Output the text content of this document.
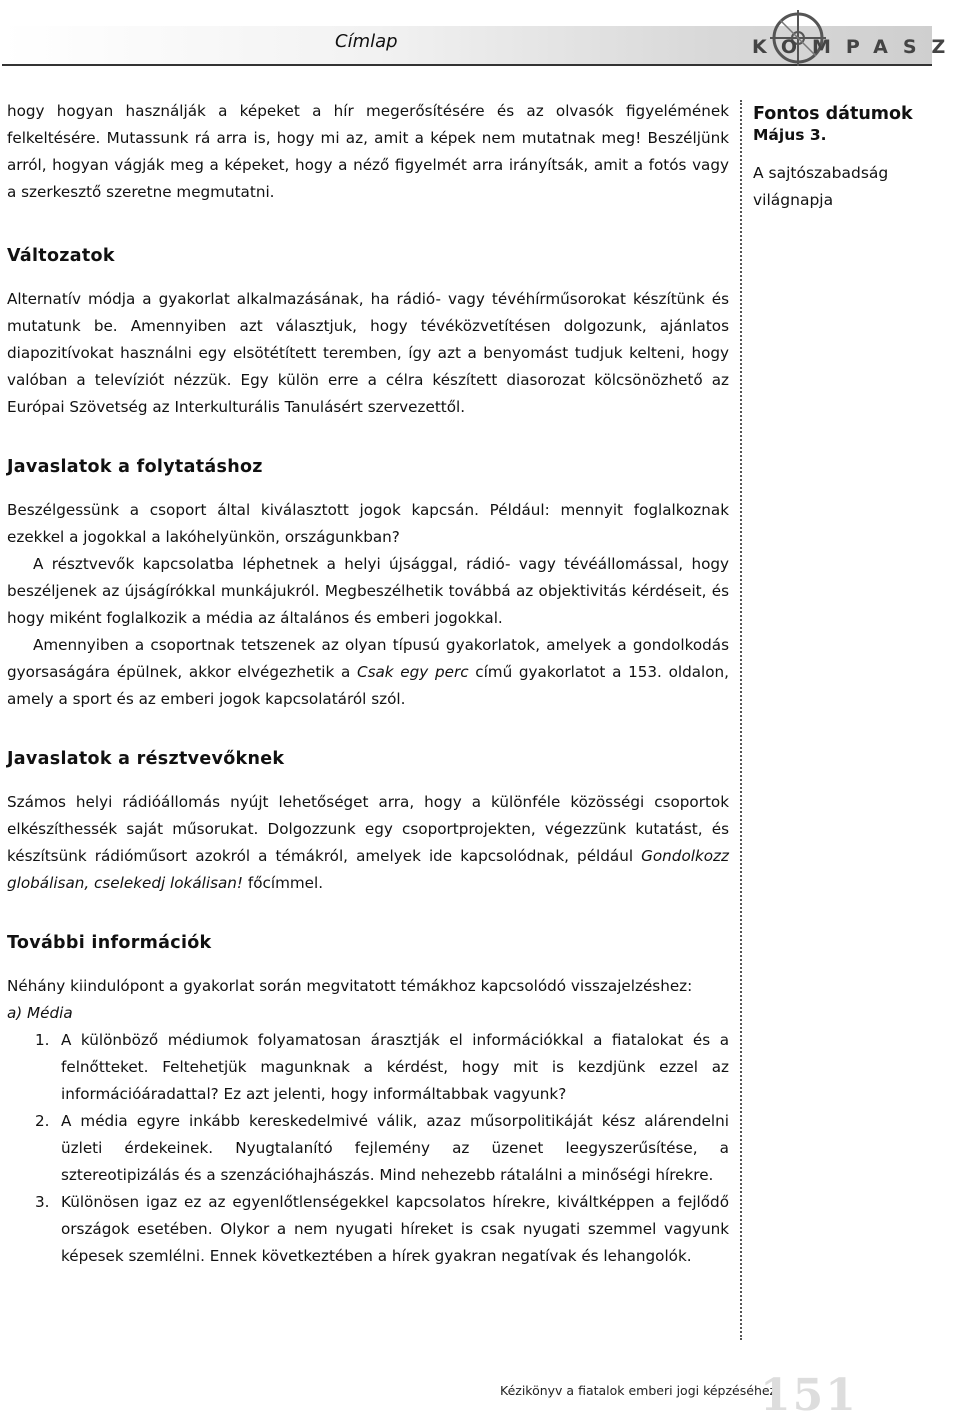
Címlap	KOMPASZ

hogy hogyan használják a képeket a hír megerősítésére és az olvasók figyelémének felkeltésére. Mutassunk rá arra is, hogy mi az, amit a képek nem mutatnak meg! Beszéljünk arról, hogyan vágják meg a képeket, hogy a néző figyelmét arra irányítsák, amit a fotós vagy a szerkesztő szeretne megmutatni.

Változatok

Alternatív módja a gyakorlat alkalmazásának, ha rádió- vagy tévéhírműsorokat készítünk és mutatunk be. Amennyiben azt választjuk, hogy tévéközvetítésen dolgozunk, ajánlatos diapozitívokat használni egy elsötétített teremben, így azt a benyomást tudjuk kelteni, hogy valóban a televíziót nézzük. Egy külön erre a célra készített diasorozat kölcsönözhető az Európai Szövetség az Interkulturális Tanulásért szervezettől.

Javaslatok a folytatáshoz

Beszélgessünk a csoport által kiválasztott jogok kapcsán. Például: mennyit foglalkoznak ezekkel a jogokkal a lakóhelyünkön, országunkban?

A résztvevők kapcsolatba léphetnek a helyi újsággal, rádió- vagy tévéállomással, hogy beszéljenek az újságírókkal munkájukról. Megbeszélhetik továbbá az objektivitás kérdéseit, és hogy miként foglalkozik a média az általános és emberi jogokkal.

Amennyiben a csoportnak tetszenek az olyan típusú gyakorlatok, amelyek a gondolkodás gyorsaságára épülnek, akkor elvégezhetik a Csak egy perc című gyakorlatot a 153. oldalon, amely a sport és az emberi jogok kapcsolatáról szól.

Javaslatok a résztvevőknek

Számos helyi rádióállomás nyújt lehetőséget arra, hogy a különféle közösségi csoportok elkészíthessék saját műsorukat. Dolgozzunk egy csoportprojekten, végezzünk kutatást, és készítsünk rádióműsort azokról a témákról, amelyek ide kapcsolódnak, például Gondolkozz globálisan, cselekedj lokálisan! főcímmel.

További információk

Néhány kiindulópont a gyakorlat során megvitatott témákhoz kapcsolódó visszajelzéshez:

a) Média

1. A különböző médiumok folyamatosan árasztják el információkkal a fiatalokat és a felnőtteket. Feltehetjük magunknak a kérdést, hogy mit is kezdjünk ezzel az információáradattal? Ez azt jelenti, hogy informáltabbak vagyunk?
2. A média egyre inkább kereskedelmivé válik, azaz műsorpolitikáját kész alárendelni üzleti érdekeinek. Nyugtalanító fejlemény az üzenet leegyszerűsítése, a sztereotipizálás és a szenzációhajhászás. Mind nehezebb rátalálni a minőségi hírekre.
3. Különösen igaz ez az egyenlőtlenségekkel kapcsolatos hírekre, kiváltképpen a fejlődő országok esetében. Olykor a nem nyugati híreket is csak nyugati szemmel vagyunk képesek szemlélni. Ennek következtében a hírek gyakran negatívak és lehangolók.
Fontos dátumok
Május 3.
A sajtószabadság világnapja
Kézikönyv a fiatalok emberi jogi képzéséhez
151
